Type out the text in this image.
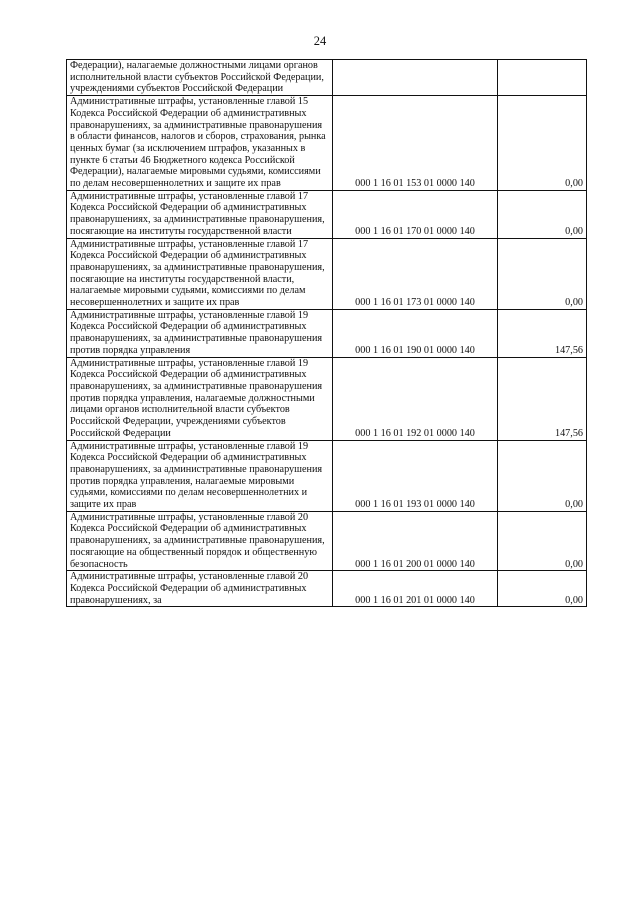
24
Федерации), налагаемые должностными лицами органов исполнительной власти субъектов Российской Федерации, учреждениями субъектов Российской Федерации		
Административные штрафы, установленные главой 15 Кодекса Российской Федерации об административных правонарушениях, за административные правонарушения в области финансов, налогов и сборов, страхования, рынка ценных бумаг (за исключением штрафов, указанных в пункте 6 статьи 46 Бюджетного кодекса Российской Федерации), налагаемые мировыми судьями, комиссиями по делам несовершеннолетних и защите их прав	000 1 16 01 153 01 0000 140	0,00
Административные штрафы, установленные главой 17 Кодекса Российской Федерации об административных правонарушениях, за административные правонарушения, посягающие на институты государственной власти	000 1 16 01 170 01 0000 140	0,00
Административные штрафы, установленные главой 17 Кодекса Российской Федерации об административных правонарушениях, за административные правонарушения, посягающие на институты государственной власти, налагаемые мировыми судьями, комиссиями по делам несовершеннолетних и защите их прав	000 1 16 01 173 01 0000 140	0,00
Административные штрафы, установленные главой 19 Кодекса Российской Федерации об административных правонарушениях, за административные правонарушения против порядка управления	000 1 16 01 190 01 0000 140	147,56
Административные штрафы, установленные главой 19 Кодекса Российской Федерации об административных правонарушениях, за административные правонарушения против порядка управления, налагаемые должностными лицами органов исполнительной власти субъектов Российской Федерации, учреждениями субъектов Российской Федерации	000 1 16 01 192 01 0000 140	147,56
Административные штрафы, установленные главой 19 Кодекса Российской Федерации об административных правонарушениях, за административные правонарушения против порядка управления, налагаемые мировыми судьями, комиссиями по делам несовершеннолетних и защите их прав	000 1 16 01 193 01 0000 140	0,00
Административные штрафы, установленные главой 20 Кодекса Российской Федерации об административных правонарушениях, за административные правонарушения, посягающие на общественный порядок и общественную безопасность	000 1 16 01 200 01 0000 140	0,00
Административные штрафы, установленные главой 20 Кодекса Российской Федерации об административных правонарушениях, за	000 1 16 01 201 01 0000 140	0,00
